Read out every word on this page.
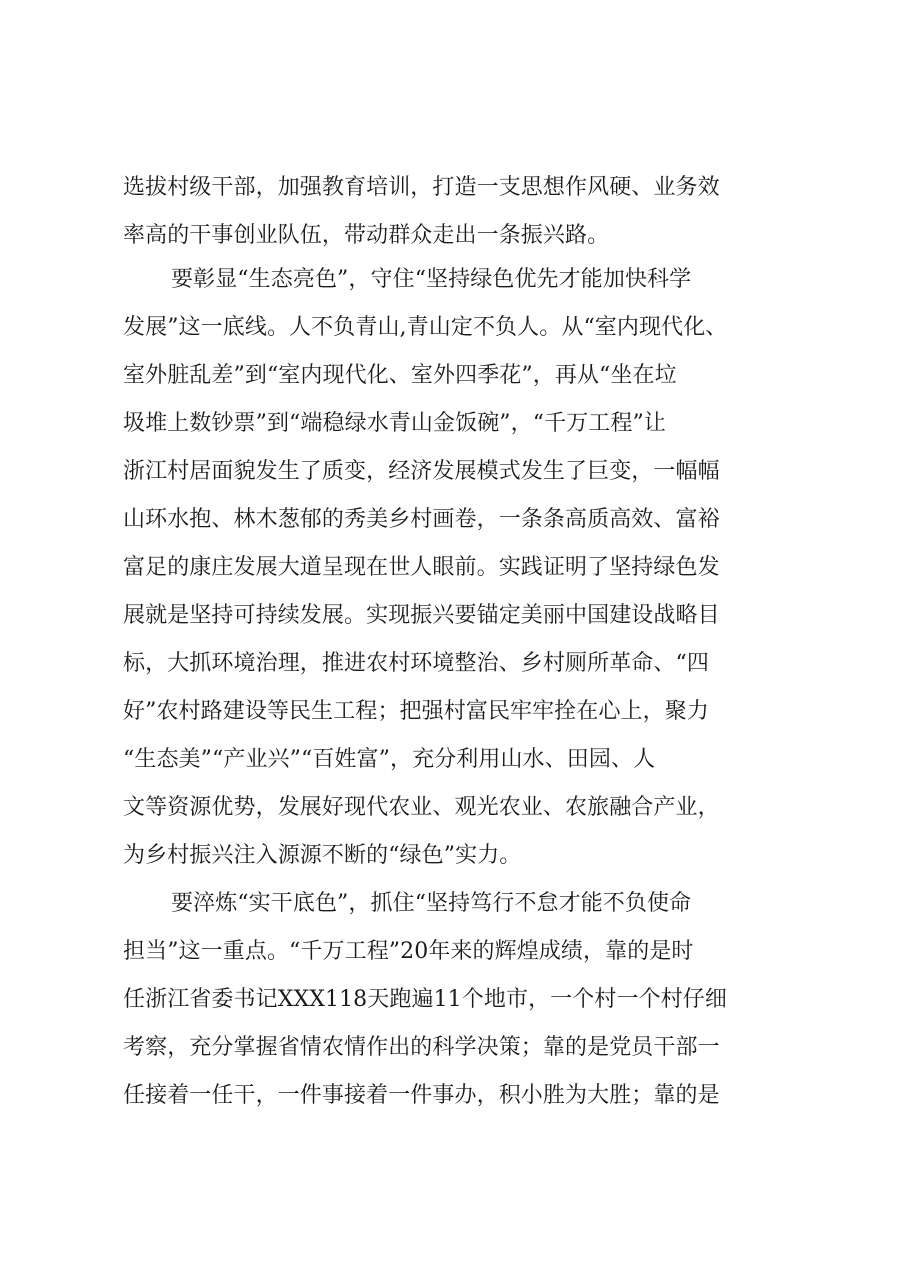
选拔村级干部，加强教育培训，打造一支思想作风硬、业务效
率高的干事创业队伍，带动群众走出一条振兴路。
要彰显“生态亮色”，守住“坚持绿色优先才能加快科学
发展”这一底线。人不负青山,青山定不负人。从“室内现代化、
室外脏乱差”到“室内现代化、室外四季花”，再从“坐在垃
圾堆上数钞票”到“端稳绿水青山金饭碗”，“千万工程”让
浙江村居面貌发生了质变，经济发展模式发生了巨变，一幅幅
山环水抱、林木葱郁的秀美乡村画卷，一条条高质高效、富裕
富足的康庄发展大道呈现在世人眼前。实践证明了坚持绿色发
展就是坚持可持续发展。实现振兴要锚定美丽中国建设战略目
标，大抓环境治理，推进农村环境整治、乡村厕所革命、“四
好”农村路建设等民生工程；把强村富民牢牢拴在心上，聚力
“生态美”“产业兴”“百姓富”，充分利用山水、田园、人
文等资源优势，发展好现代农业、观光农业、农旅融合产业，
为乡村振兴注入源源不断的“绿色”实力。
要淬炼“实干底色”，抓住“坚持笃行不怠才能不负使命
担当”这一重点。“千万工程”20年来的辉煌成绩，靠的是时
任浙江省委书记XXX118天跑遍11个地市，一个村一个村仔细
考察，充分掌握省情农情作出的科学决策；靠的是党员干部一
任接着一任干，一件事接着一件事办，积小胜为大胜；靠的是
